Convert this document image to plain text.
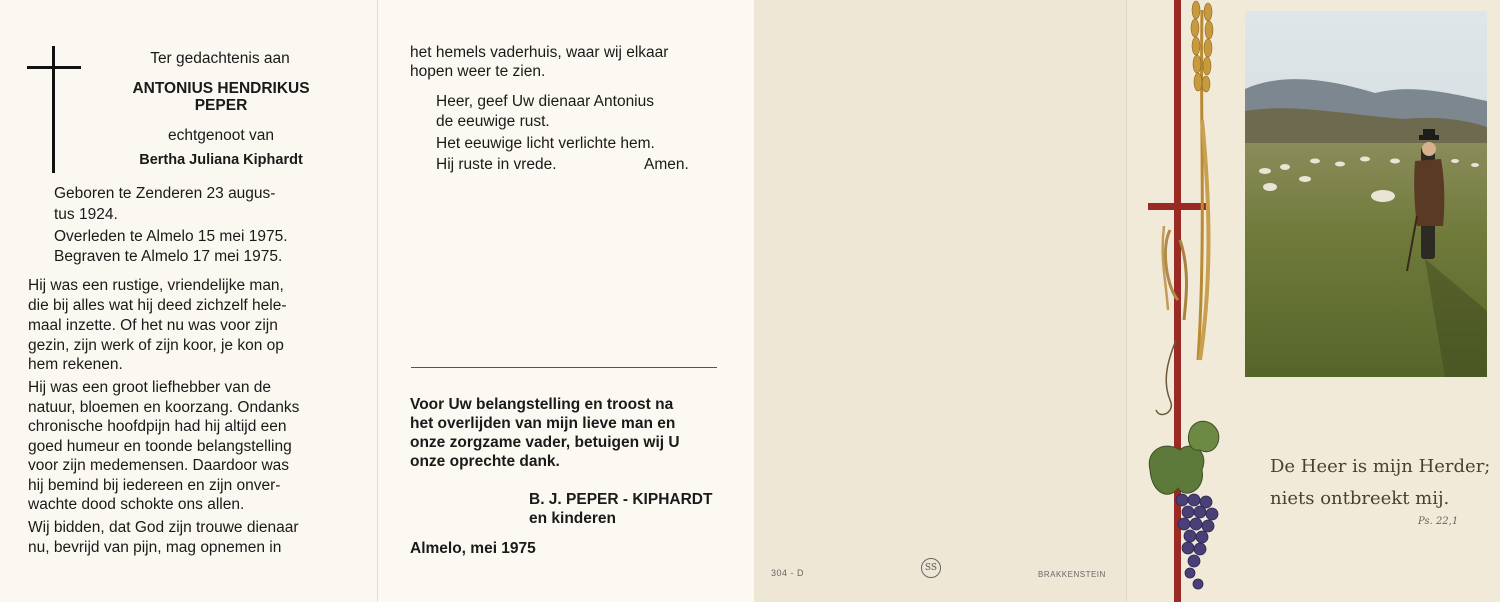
Ter gedachtenis aan
ANTONIUS HENDRIKUS
PEPER
echtgenoot van
Bertha Juliana Kiphardt
Geboren te Zenderen 23 augus-
tus 1924.
Overleden te Almelo 15 mei 1975.
Begraven te Almelo 17 mei 1975.
Hij was een rustige, vriendelijke man,
die bij alles wat hij deed zichzelf hele-
maal inzette. Of het nu was voor zijn
gezin, zijn werk of zijn koor, je kon op
hem rekenen.
Hij was een groot liefhebber van de
natuur, bloemen en koorzang. Ondanks
chronische hoofdpijn had hij altijd een
goed humeur en toonde belangstelling
voor zijn medemensen. Daardoor was
hij bemind bij iedereen en zijn onver-
wachte dood schokte ons allen.
Wij bidden, dat God zijn trouwe dienaar
nu, bevrijd van pijn, mag opnemen in
het hemels vaderhuis, waar wij elkaar
hopen weer te zien.
Heer, geef Uw dienaar Antonius
de eeuwige rust.
Het eeuwige licht verlichte hem.
Hij ruste in vrede.	Amen.
Voor Uw belangstelling en troost na
het overlijden van mijn lieve man en
onze zorgzame vader, betuigen wij U
onze oprechte dank.
B. J. PEPER - KIPHARDT
en kinderen
Almelo, mei 1975
304 - D	SS
BRAKKENSTEIN
De Heer is mijn Herder;
niets ontbreekt mij.
Ps. 22,1
